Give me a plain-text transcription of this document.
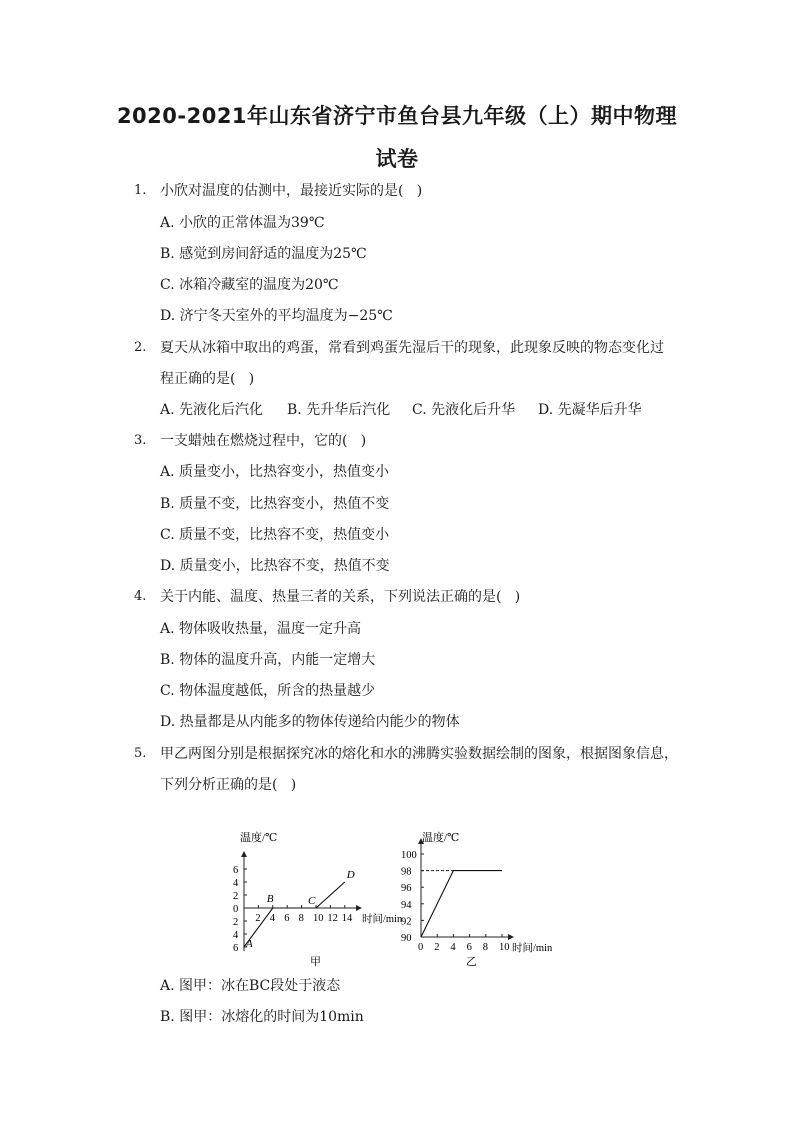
2020-2021年山东省济宁市鱼台县九年级（上）期中物理
试卷
1. 小欣对温度的估测中，最接近实际的是(   )
A. 小欣的正常体温为39℃
B. 感觉到房间舒适的温度为25℃
C. 冰箱冷藏室的温度为20℃
D. 济宁冬天室外的平均温度为−25℃
2. 夏天从冰箱中取出的鸡蛋，常看到鸡蛋先湿后干的现象，此现象反映的物态变化过
程正确的是(   )
A. 先液化后汽化 B. 先升华后汽化 C. 先液化后升华 D. 先凝华后升华
3. 一支蜡烛在燃烧过程中，它的(   )
A. 质量变小，比热容变小，热值变小
B. 质量不变，比热容变小，热值不变
C. 质量不变，比热容不变，热值变小
D. 质量变小，比热容不变，热值不变
4. 关于内能、温度、热量三者的关系，下列说法正确的是(   )
A. 物体吸收热量，温度一定升高
B. 物体的温度升高，内能一定增大
C. 物体温度越低，所含的热量越少
D. 热量都是从内能多的物体传递给内能少的物体
5. 甲乙两图分别是根据探究冰的熔化和水的沸腾实验数据绘制的图象，根据图象信息，
下列分析正确的是(   )
温度/℃
时间/min
6
4
2
0
2
4
6
2 4 6 8 10 12 14
A
B	C
D
甲
温度/℃
时间/min
90
92
94
96
98
100
0 2 4 6 8 10
乙
A. 图甲：冰在BC段处于液态
B. 图甲：冰熔化的时间为10min
